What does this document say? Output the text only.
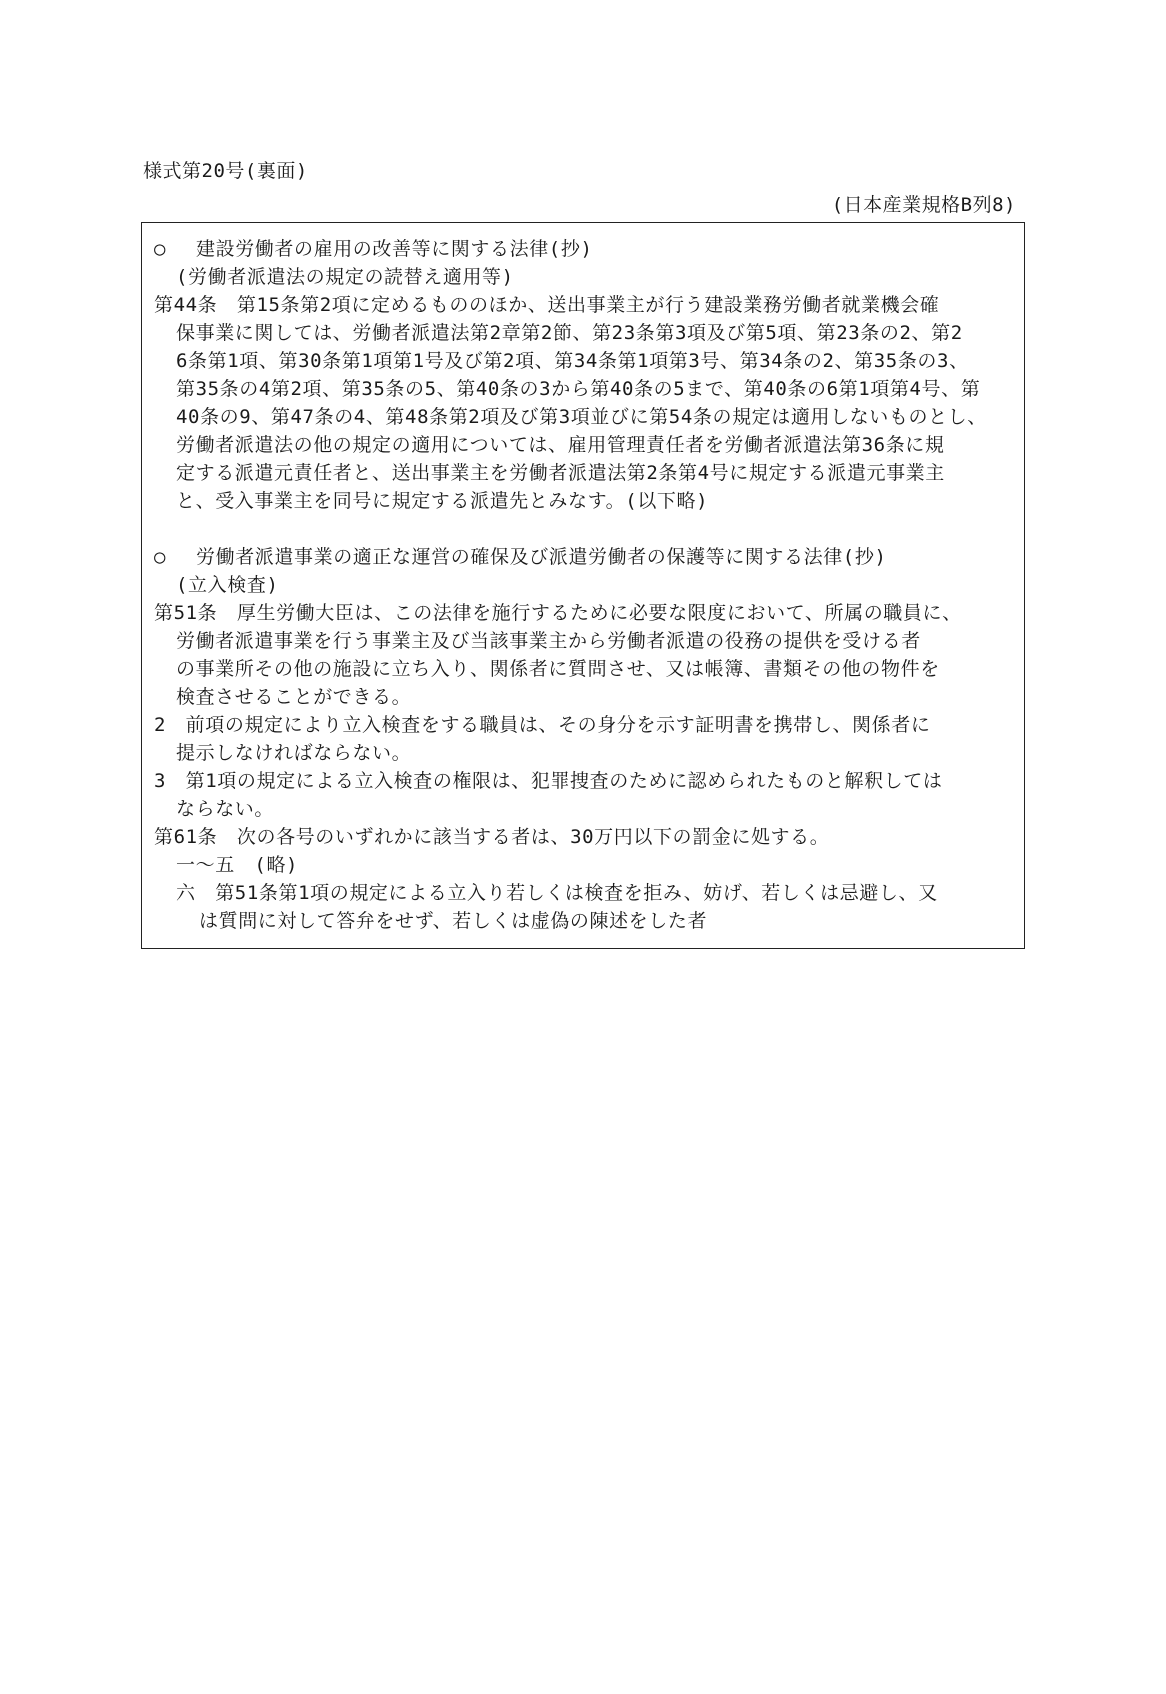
様式第20号(裏面)
(日本産業規格B列8)
○	建設労働者の雇用の改善等に関する法律(抄)
(労働者派遣法の規定の読替え適用等)
第44条　第15条第2項に定めるもののほか、送出事業主が行う建設業務労働者就業機会確
保事業に関しては、労働者派遣法第2章第2節、第23条第3項及び第5項、第23条の2、第2
6条第1項、第30条第1項第1号及び第2項、第34条第1項第3号、第34条の2、第35条の3、
第35条の4第2項、第35条の5、第40条の3から第40条の5まで、第40条の6第1項第4号、第
40条の9、第47条の4、第48条第2項及び第3項並びに第54条の規定は適用しないものとし、
労働者派遣法の他の規定の適用については、雇用管理責任者を労働者派遣法第36条に規
定する派遣元責任者と、送出事業主を労働者派遣法第2条第4号に規定する派遣元事業主
と、受入事業主を同号に規定する派遣先とみなす。(以下略)
○	労働者派遣事業の適正な運営の確保及び派遣労働者の保護等に関する法律(抄)
(立入検査)
第51条　厚生労働大臣は、この法律を施行するために必要な限度において、所属の職員に、
労働者派遣事業を行う事業主及び当該事業主から労働者派遣の役務の提供を受ける者
の事業所その他の施設に立ち入り、関係者に質問させ、又は帳簿、書類その他の物件を
検査させることができる。
2　前項の規定により立入検査をする職員は、その身分を示す証明書を携帯し、関係者に
提示しなければならない。
3　第1項の規定による立入検査の権限は、犯罪捜査のために認められたものと解釈しては
ならない。
第61条　次の各号のいずれかに該当する者は、30万円以下の罰金に処する。
一～五　(略)
六　第51条第1項の規定による立入り若しくは検査を拒み、妨げ、若しくは忌避し、又
は質問に対して答弁をせず、若しくは虚偽の陳述をした者
